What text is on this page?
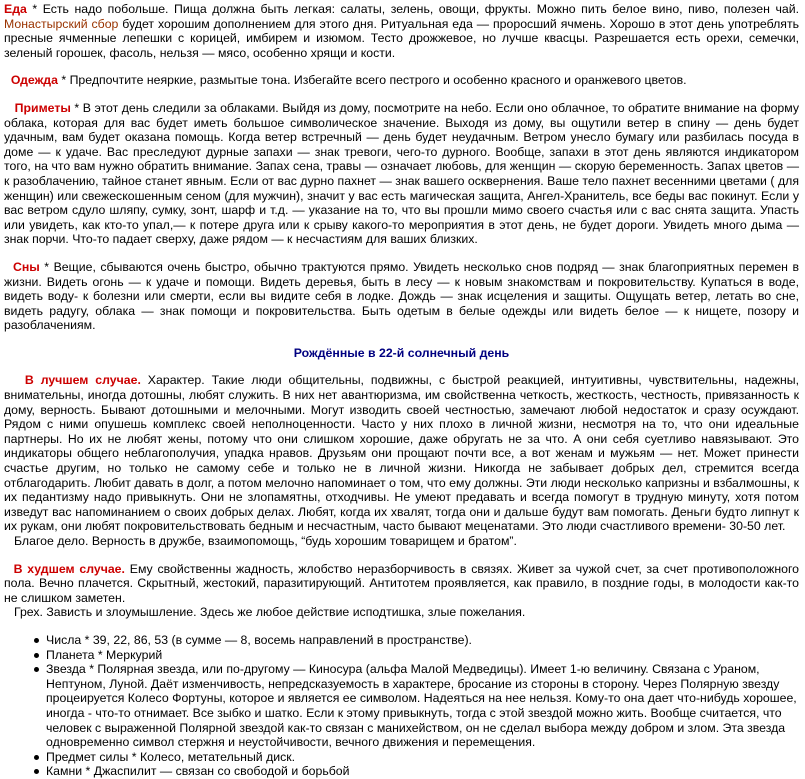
Еда * Есть надо побольше. Пища должна быть легкая: салаты, зелень, овощи, фрукты. Можно пить белое вино, пиво, полезен чай. Монастырский сбор будет хорошим дополнением для этого дня. Ритуальная еда — проросший ячмень. Хорошо в этот день употреблять пресные ячменные лепешки с корицей, имбирем и изюмом. Тесто дрожжевое, но лучше квасцы. Разрешается есть орехи, семечки, зеленый горошек, фасоль, нельзя — мясо, особенно хрящи и кости.

Одежда * Предпочтите неяркие, размытые тона. Избегайте всего пестрого и особенно красного и оранжевого цветов.

Приметы * В этот день следили за облаками. Выйдя из дому, посмотрите на небо. Если оно облачное, то обратите внимание на форму облака, которая для вас будет иметь большое символическое значение. Выходя из дому, вы ощутили ветер в спину — день будет удачным, вам будет оказана помощь. Когда ветер встречный — день будет неудачным. Ветром унесло бумагу или разбилась посуда в доме — к удаче. Вас преследуют дурные запахи — знак тревоги, чего-то дурного. Вообще, запахи в этот день являются индикатором того, на что вам нужно обратить внимание. Запах сена, травы — означает любовь, для женщин — скорую беременность. Запах цветов — к разоблачению, тайное станет явным. Если от вас дурно пахнет — знак вашего осквернения. Ваше тело пахнет весенними цветами ( для женщин) или свежескошенным сеном (для мужчин), значит у вас есть магическая защита, Ангел-Хранитель, все беды вас покинут. Если у вас ветром сдуло шляпу, сумку, зонт, шарф и т.д. — указание на то, что вы прошли мимо своего счастья или с вас снята защита. Упасть или увидеть, как кто-то упал,— к потере друга или к срыву какого-то мероприятия в этот день, не будет дороги. Увидеть много дыма — знак порчи. Что-то падает сверху, даже рядом — к несчастиям для ваших близких.

Сны * Вещие, сбываются очень быстро, обычно трактуются прямо. Увидеть несколько снов подряд — знак благоприятных перемен в жизни. Видеть огонь — к удаче и помощи. Видеть деревья, быть в лесу — к новым знакомствам и покровительству. Купаться в воде, видеть воду- к болезни или смерти, если вы видите себя в лодке. Дождь — знак исцеления и защиты. Ощущать ветер, летать во сне, видеть радугу, облака — знак помощи и покровительства. Быть одетым в белые одежды или видеть белое — к нищете, позору и разоблачениям.

Рождённые в 22-й солнечный день

В лучшем случае. Характер. Такие люди общительны, подвижны, с быстрой реакцией, интуитивны, чувствительны, надежны, внимательны, иногда дотошны, любят служить. В них нет авантюризма, им свойственна четкость, жесткость, честность, привязанность к дому, верность. Бывают дотошными и мелочными. Могут изводить своей честностью, замечают любой недостаток и сразу осуждают. Рядом с ними опушешь комплекс своей неполноценности. Часто у них плохо в личной жизни, несмотря на то, что они идеальные партнеры. Но их не любят жены, потому что они слишком хорошие, даже обругать не за что. А они себя суетливо навязывают. Это индикаторы общего неблагополучия, упадка нравов. Друзьям они прощают почти все, а вот женам и мужьям — нет. Может принести счастье другим, но только не самому себе и только не в личной жизни. Никогда не забывает добрых дел, стремится всегда отблагодарить. Любит давать в долг, а потом мелочно напоминает о том, что ему должны. Эти люди несколько капризны и взбалмошны, к их педантизму надо привыкнуть. Они не злопамятны, отходчивы. Не умеют предавать и всегда помогут в трудную минуту, хотя потом изведут вас напоминанием о своих добрых делах. Любят, когда их хвалят, тогда они и дальше будут вам помогать. Деньги будто липнут к их рукам, они любят покровительствовать бедным и несчастным, часто бывают меценатами. Это люди счастливого времени- 30-50 лет.

Благое дело. Верность в дружбе, взаимопомощь, “будь хорошим товарищем и братом”.

В худшем случае. Ему свойственны жадность, жлобство неразборчивость в связях. Живет за чужой счет, за счет противоположного пола. Вечно плачется. Скрытный, жестокий, паразитирующий. Антитотем проявляется, как правило, в поздние годы, в молодости как-то не слишком заметен.

Грех. Зависть и злоумышление. Здесь же любое действие исподтишка, злые пожелания.

Числа * 39, 22, 86, 53 (в сумме — 8, восемь направлений в пространстве).
Планета * Меркурий
Звезда * Полярная звезда, или по-другому — Киносура (альфа Малой Медведицы). Имеет 1-ю величину. Связана с Ураном, Нептуном, Луной. Даёт изменчивость, непредсказуемость в характере, бросание из стороны в сторону. Через Полярную звезду процеируется Колесо Фортуны, которое и является ее символом. Надеяться на нее нельзя. Кому-то она дает что-нибудь хорошее, иногда - что-то отнимает. Все зыбко и шатко. Если к этому привыкнуть, тогда с этой звездой можно жить. Вообще считается, что человек с выраженной Полярной звездой как-то связан с манихейством, он не сделал выбора между добром и злом. Эта звезда одновременно символ стержня и неустойчивости, вечного движения и перемещения.
Предмет силы * Колесо, метательный диск.
Камни * Джаспилит — связан со свободой и борьбой
